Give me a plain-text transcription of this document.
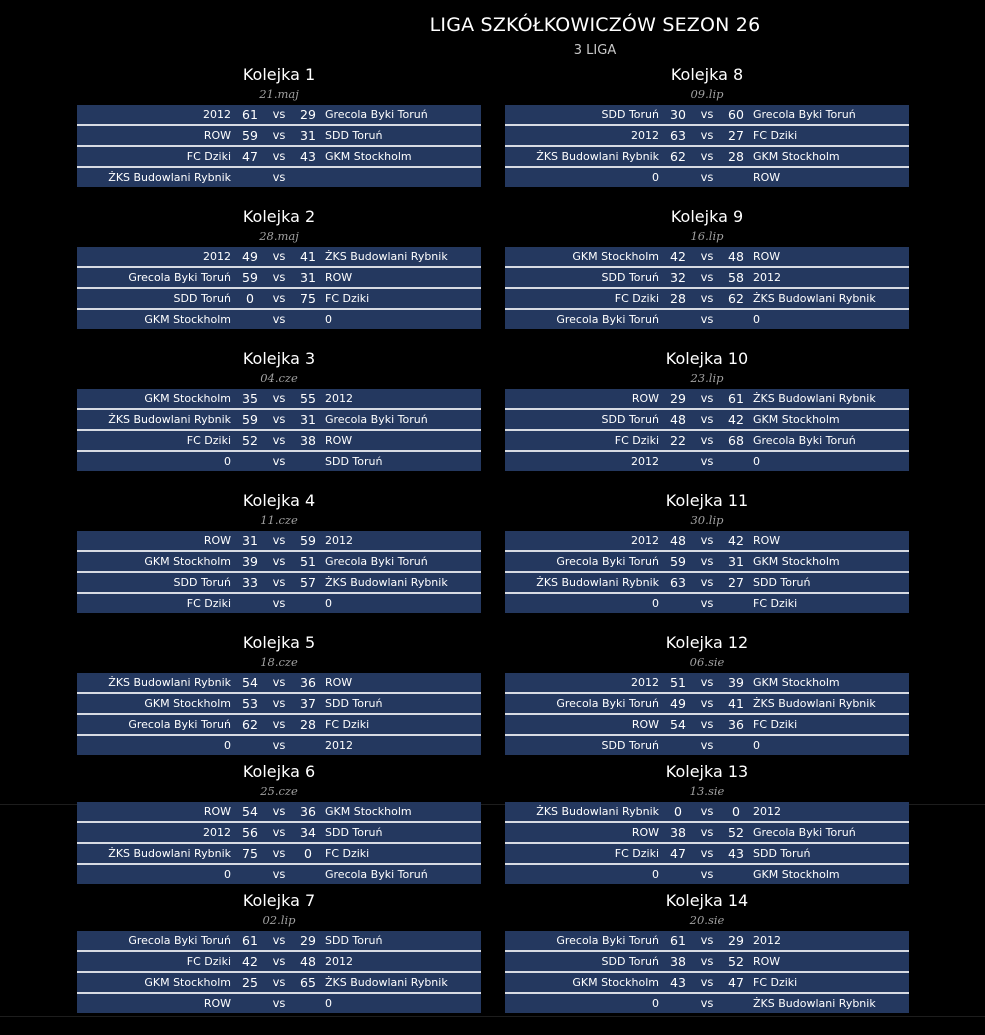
LIGA SZKÓŁKOWICZÓW SEZON 26
3 LIGA
Kolejka 1
21.maj
2012 61	vs	29 Grecola Byki Toruń
ROW 59	vs	31 SDD Toruń
FC Dziki 47	vs	43 GKM Stockholm
ŻKS Budowlani Rybnik	vs
Kolejka 2
28.maj
2012 49	vs	41 ŻKS Budowlani Rybnik
Grecola Byki Toruń 59	vs	31 ROW
SDD Toruń	0	vs	75 FC Dziki
GKM Stockholm	vs	0
Kolejka 3
04.cze
GKM Stockholm 35	vs	55 2012
ŻKS Budowlani Rybnik 59	vs	31 Grecola Byki Toruń
FC Dziki 52	vs	38 ROW
0	vs	SDD Toruń
Kolejka 4
11.cze
ROW 31	vs	59 2012
GKM Stockholm 39	vs	51 Grecola Byki Toruń
SDD Toruń 33	vs	57 ŻKS Budowlani Rybnik
FC Dziki	vs	0
Kolejka 5
18.cze
ŻKS Budowlani Rybnik 54	vs	36 ROW
GKM Stockholm 53	vs	37 SDD Toruń
Grecola Byki Toruń 62	vs	28 FC Dziki
0	vs	2012
Kolejka 6
25.cze
ROW 54	vs	36 GKM Stockholm
2012 56	vs	34 SDD Toruń
ŻKS Budowlani Rybnik 75	vs	0	FC Dziki
0	vs	Grecola Byki Toruń
Kolejka 7
02.lip
Grecola Byki Toruń 61	vs	29 SDD Toruń
FC Dziki 42	vs	48 2012
GKM Stockholm 25	vs	65 ŻKS Budowlani Rybnik
ROW	vs	0
Kolejka 8
09.lip
SDD Toruń 30	vs	60 Grecola Byki Toruń
2012 63	vs	27 FC Dziki
ŻKS Budowlani Rybnik 62	vs	28 GKM Stockholm
0	vs	ROW
Kolejka 9
16.lip
GKM Stockholm 42	vs	48 ROW
SDD Toruń 32	vs	58 2012
FC Dziki 28	vs	62 ŻKS Budowlani Rybnik
Grecola Byki Toruń	vs	0
Kolejka 10
23.lip
ROW 29	vs	61 ŻKS Budowlani Rybnik
SDD Toruń 48	vs	42 GKM Stockholm
FC Dziki 22	vs	68 Grecola Byki Toruń
2012	vs	0
Kolejka 11
30.lip
2012 48	vs	42 ROW
Grecola Byki Toruń 59	vs	31 GKM Stockholm
ŻKS Budowlani Rybnik 63	vs	27 SDD Toruń
0	vs	FC Dziki
Kolejka 12
06.sie
2012 51	vs	39 GKM Stockholm
Grecola Byki Toruń 49	vs	41 ŻKS Budowlani Rybnik
ROW 54	vs	36 FC Dziki
SDD Toruń	vs	0
Kolejka 13
13.sie
ŻKS Budowlani Rybnik	0	vs	0	2012
ROW 38	vs	52 Grecola Byki Toruń
FC Dziki 47	vs	43 SDD Toruń
0	vs	GKM Stockholm
Kolejka 14
20.sie
Grecola Byki Toruń 61	vs	29 2012
SDD Toruń 38	vs	52 ROW
GKM Stockholm 43	vs	47 FC Dziki
0	vs	ŻKS Budowlani Rybnik
